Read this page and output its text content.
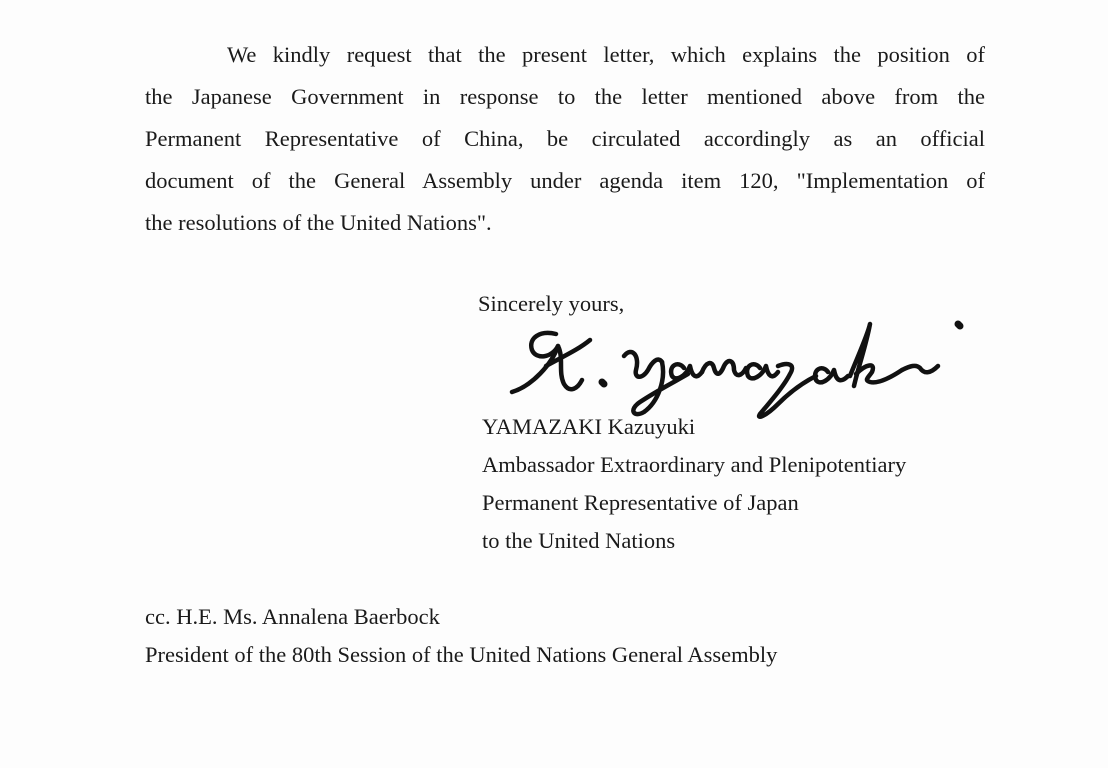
We kindly request that the present letter, which explains the position of
the Japanese Government in response to the letter mentioned above from the
Permanent Representative of China, be circulated accordingly as an official
document of the General Assembly under agenda item 120, "Implementation of
the resolutions of the United Nations".
Sincerely yours,
YAMAZAKI Kazuyuki
Ambassador Extraordinary and Plenipotentiary
Permanent Representative of Japan
to the United Nations
cc. H.E. Ms. Annalena Baerbock
President of the 80th Session of the United Nations General Assembly
